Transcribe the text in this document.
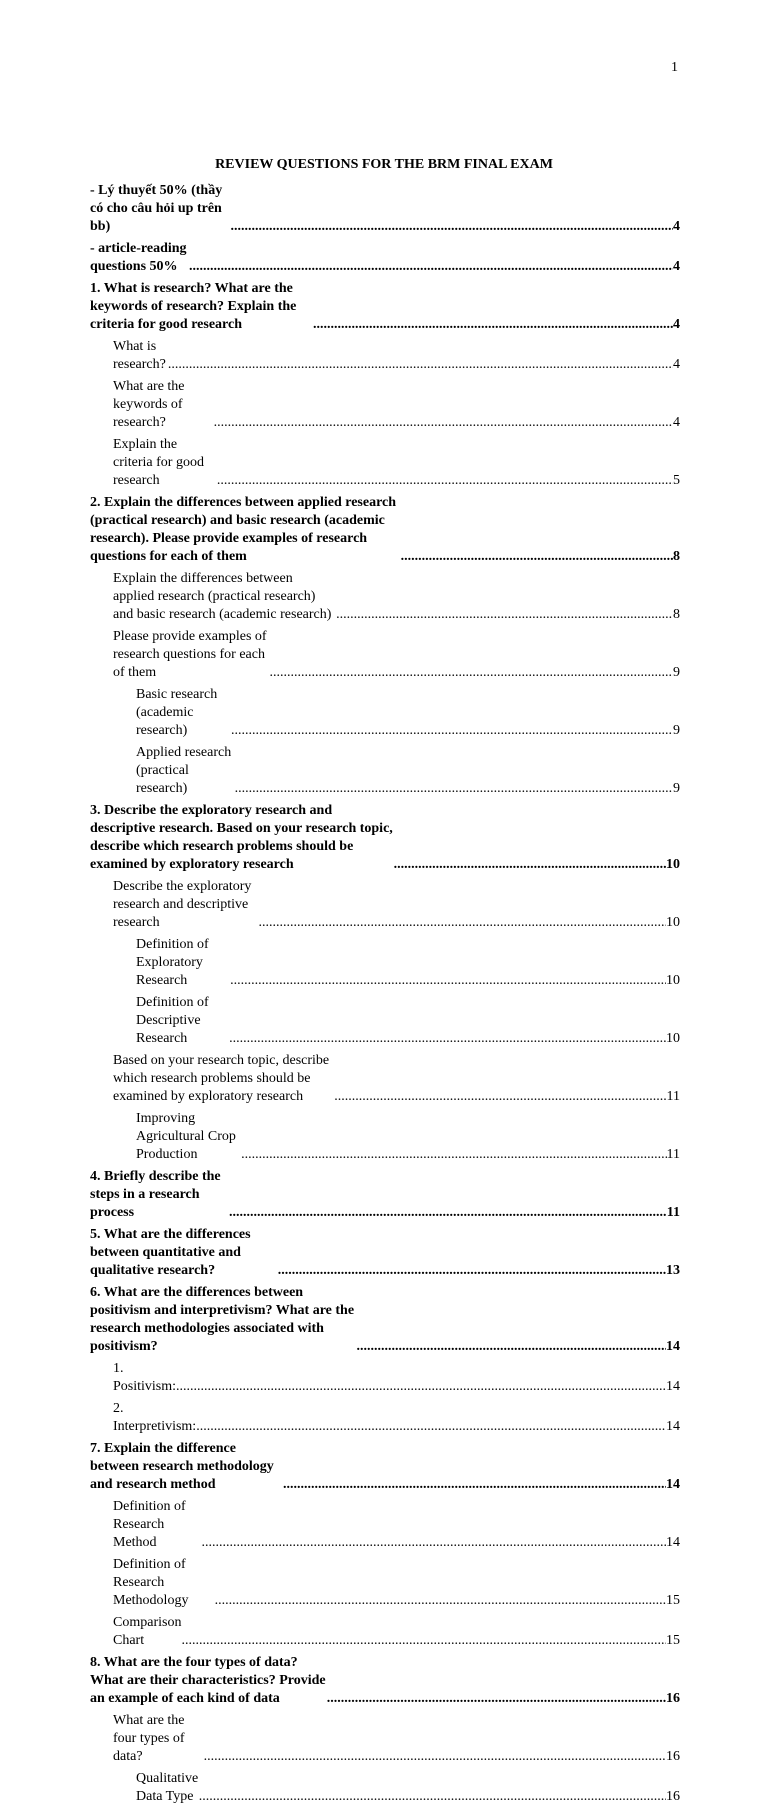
1
REVIEW QUESTIONS FOR THE BRM FINAL EXAM
- Lý thuyết 50% (thầy có cho câu hỏi up trên bb) .....	4
- article-reading questions 50% .....	4
1. What is research? What are the keywords of research? Explain the criteria for good research .....	4
What is research? .....	4
What are the keywords of research? .....	4
Explain the criteria for good research .....	5
2. Explain the differences between applied research (practical research) and basic research (academic research). Please provide examples of research questions for each of them .....	8
Explain the differences between applied research (practical research) and basic research (academic research) .....	8
Please provide examples of research questions for each of them .....	9
Basic research (academic research) .....	9
Applied research (practical research) .....	9
3. Describe the exploratory research and descriptive research. Based on your research topic, describe which research problems should be examined by exploratory research .....	10
Describe the exploratory research and descriptive research .....	10
Definition of Exploratory Research .....	10
Definition of Descriptive Research .....	10
Based on your research topic, describe which research problems should be examined by exploratory research .....	11
Improving Agricultural Crop Production .....	11
4. Briefly describe the steps in a research process .....	11
5. What are the differences between quantitative and qualitative research? .....	13
6. What are the differences between positivism and interpretivism? What are the research methodologies associated with positivism? .....	14
1. Positivism: .....	14
2. Interpretivism: .....	14
7. Explain the difference between research methodology and research method .....	14
Definition of Research Method .....	14
Definition of Research Methodology .....	15
Comparison Chart .....	15
8. What are the four types of data? What are their characteristics? Provide an example of each kind of data .....	16
What are the four types of data? .....	16
Qualitative Data Type .....	16
